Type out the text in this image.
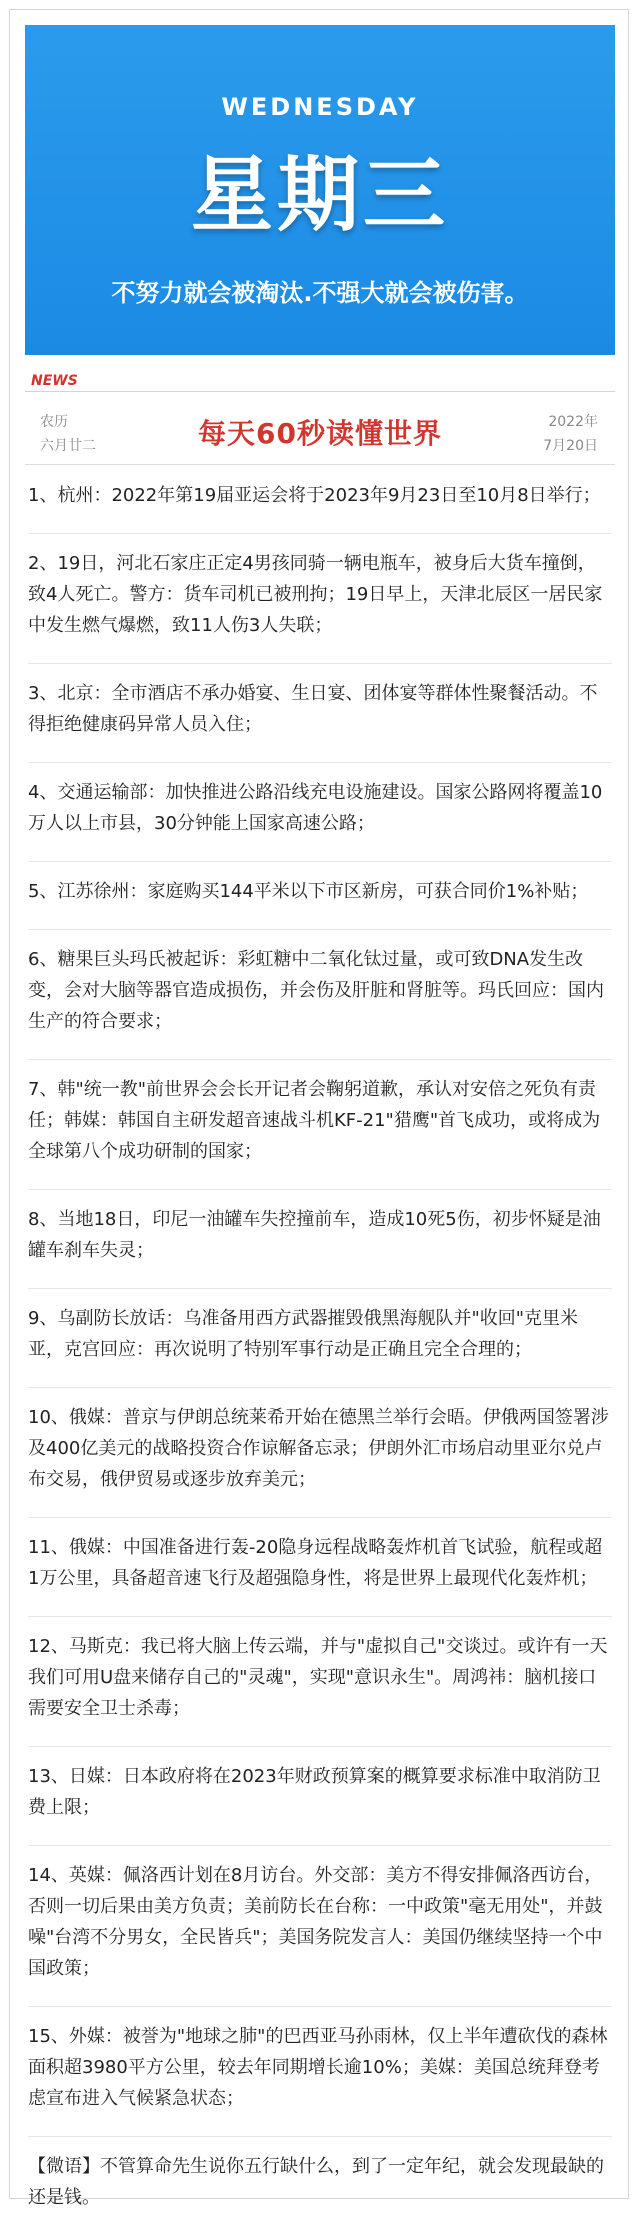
WEDNESDAY
星期三
不努力就会被淘汰.不强大就会被伤害。
NEWS
农历
六月廿二	每天60秒读懂世界	2022年
7月20日
1、杭州：2022年第19届亚运会将于2023年9月23日至10月8日举行；
2、19日，河北石家庄正定4男孩同骑一辆电瓶车，被身后大货车撞倒，致4人死亡。警方：货车司机已被刑拘；19日早上，天津北辰区一居民家中发生燃气爆燃，致11人伤3人失联；
3、北京：全市酒店不承办婚宴、生日宴、团体宴等群体性聚餐活动。不得拒绝健康码异常人员入住；
4、交通运输部：加快推进公路沿线充电设施建设。国家公路网将覆盖10万人以上市县，30分钟能上国家高速公路；
5、江苏徐州：家庭购买144平米以下市区新房，可获合同价1%补贴；
6、糖果巨头玛氏被起诉：彩虹糖中二氧化钛过量，或可致DNA发生改变，会对大脑等器官造成损伤，并会伤及肝脏和肾脏等。玛氏回应：国内生产的符合要求；
7、韩"统一教"前世界会会长开记者会鞠躬道歉，承认对安倍之死负有责任；韩媒：韩国自主研发超音速战斗机KF-21"猎鹰"首飞成功，或将成为全球第八个成功研制的国家；
8、当地18日，印尼一油罐车失控撞前车，造成10死5伤，初步怀疑是油罐车刹车失灵；
9、乌副防长放话：乌准备用西方武器摧毁俄黑海舰队并"收回"克里米亚，克宫回应：再次说明了特别军事行动是正确且完全合理的；
10、俄媒：普京与伊朗总统莱希开始在德黑兰举行会晤。伊俄两国签署涉及400亿美元的战略投资合作谅解备忘录；伊朗外汇市场启动里亚尔兑卢布交易，俄伊贸易或逐步放弃美元；
11、俄媒：中国准备进行轰-20隐身远程战略轰炸机首飞试验，航程或超1万公里，具备超音速飞行及超强隐身性，将是世界上最现代化轰炸机；
12、马斯克：我已将大脑上传云端，并与"虚拟自己"交谈过。或许有一天我们可用U盘来储存自己的"灵魂"，实现"意识永生"。周鸿祎：脑机接口需要安全卫士杀毒；
13、日媒：日本政府将在2023年财政预算案的概算要求标准中取消防卫费上限；
14、英媒：佩洛西计划在8月访台。外交部：美方不得安排佩洛西访台，否则一切后果由美方负责；美前防长在台称：一中政策"毫无用处"，并鼓噪"台湾不分男女，全民皆兵"；美国务院发言人：美国仍继续坚持一个中国政策；
15、外媒：被誉为"地球之肺"的巴西亚马孙雨林，仅上半年遭砍伐的森林面积超3980平方公里，较去年同期增长逾10%；美媒：美国总统拜登考虑宣布进入气候紧急状态；
【微语】不管算命先生说你五行缺什么，到了一定年纪，就会发现最缺的还是钱。
